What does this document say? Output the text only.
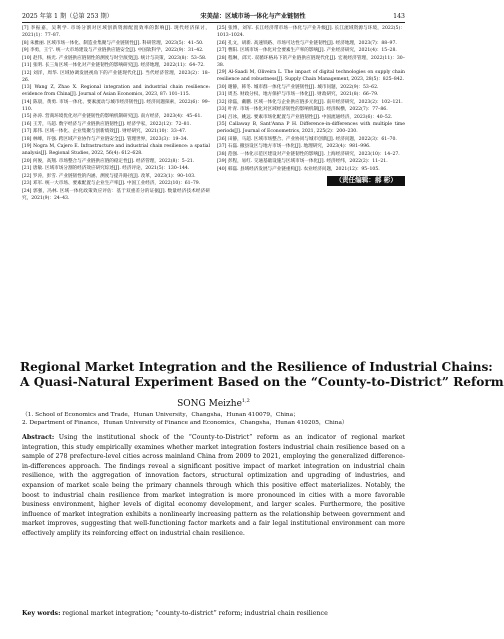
2025 年第 1 期（总第 253 期）	宋美喆：区域市场一体化与产业链韧性	143

[7] 李振嘉，吴利学. 市场分割对区域创新资源配置效率的影响[J]. 现代经济探讨，2021(1)：77–87.

[8] 朱雅丽. 区域市场一体化、制造业集聚与产业链韧性[J]. 科研管理，2023(5)：41–50.

[9] 李勇，王宁. 统一大市场建设与产业链供应链安全[J]. 中国软科学，2022(9)：31–42.

[10] 赵伟，杨光. 产业链供应链韧性的测度与时空演变[J]. 统计与决策，2023(8)：53–58.

[11] 张明. 长三角区域一体化对产业链韧性的影响研究[J]. 经济地理，2022(11)：64–72.

[12] 刘洋，周华. 区域协调发展视角下的产业链现代化[J]. 当代经济管理，2023(2)：18–26.

[13] Wang Z, Zhao X. Regional integration and industrial chain resilience: evidence from China[J]. Journal of Asian Economics, 2023, 87: 101–115.

[14] 陈晨，黄勇. 市场一体化、要素流动与城市经济韧性[J]. 经济问题探索，2022(6)：99–110.

[15] 孙涛. 营商环境优化对产业链韧性的影响机制研究[J]. 南方经济，2023(4)：45–61.

[16] 王芳，马超. 数字经济与产业链供应链韧性[J]. 经济学家，2022(12)：72–81.

[17] 郑伟. 区域一体化、企业集聚与创新绩效[J]. 财经研究，2021(10)：33–47.

[18] 林峰，许强. 跨区域产业协作与产业链安全[J]. 管理世界，2023(3)：19–34.

[19] Nogra M, Cajero E. Infrastructure and industrial chain resilience: a spatial analysis[J]. Regional Studies, 2022, 56(4): 612–628.

[20] 何俊，高翔. 市场整合与产业链供应链的稳定性[J]. 经济管理，2022(8)：5–21.

[21] 唐敏. 区域市场分割的经济效应研究综述[J]. 经济评论，2021(5)：130–144.

[22] 罗涛，彭雪. 产业链韧性的内涵、测度与提升路径[J]. 改革，2023(1)：90–103.

[23] 邓军. 统一大市场、要素配置与企业生产率[J]. 中国工业经济，2022(10)：61–79.

[24] 郭强，冯林. 区域一体化政策效应评估：基于双重差分的证据[J]. 数量经济技术经济研究，2021(9)：24–43.

[25] 张博，刘军. 长江经济带市场一体化与产业升级[J]. 长江流域资源与环境，2022(5)：1013–1024.

[26] 孔文，胡新. 高速铁路、市场可达性与产业链韧性[J]. 经济地理，2023(7)：88–97.

[27] 曹阳. 区域市场一体化对全要素生产率的影响[J]. 产业经济研究，2021(4)：15–28.

[28] 程琳，邱天. 双循环格局下的产业链供应链现代化[J]. 宏观经济管理，2022(11)：30–38.

[29] Al-Saadi M, Oliveira L. The impact of digital technologies on supply chain resilience and robustness[J]. Supply Chain Management, 2023, 28(5)：825–842.

[30] 谢静，韩冬. 城市群一体化与产业链韧性[J]. 城市问题，2022(9)：53–62.

[31] 周杰. 财政分权、地方保护与市场一体化[J]. 财政研究，2021(8)：66–79.

[32] 徐磊，戴鹏. 区域一体化与企业供应链多元化[J]. 南开经济研究，2023(2)：102–121.

[33] 叶青. 市场一体化对区域经济韧性的影响机制[J]. 经济纵横，2022(7)：77–86.

[34] 吕冰，姚远. 要素市场化配置与产业链韧性[J]. 中国流通经济，2023(6)：40–52.

[35] Callaway B, Sant'Anna P H. Difference-in-differences with multiple time periods[J]. Journal of Econometrics, 2021, 225(2)：200–230.

[36] 田静，马超. 区域市场整合、产业协同与城市创新[J]. 经济问题，2022(3)：61–70.

[37] 石磊. 撤县设区与地方市场一体化[J]. 地理研究，2023(4)：981–996.

[38] 范强. 一体化示范区建设对产业链韧性的影响[J]. 上海经济研究，2023(10)：14–27.

[39] 彭程，易红. 交通基础设施与区域市场一体化[J]. 经济经纬，2022(2)：11–21.

[40] 韩磊. 县域经济发展与产业链重构[J]. 农业经济问题，2021(12)：95–105.

（责任编辑：郝 彬）
Regional Market Integration and the Resilience of Industrial Chains:
A Quasi-Natural Experiment Based on the “County-to-District” Reform
SONG Meizhe$^{1,2}$
（1. School of Economics and Trade，Hunan University，Changsha，Hunan 410079，China；
2. Department of Finance，Hunan University of Finance and Economics，Changsha，Hunan 410205，China）
Abstract: Using the institutional shock of the “County-to-District” reform as an indicator of regional market integration, this study empirically examines whether market integration fosters industrial chain resilience based on a sample of 278 prefecture-level cities across mainland China from 2009 to 2021, employing the generalized difference-in-differences approach. The findings reveal a significant positive impact of market integration on industrial chain resilience, with the aggregation of innovation factors, structural optimization and upgrading of industries, and expansion of market scale being the primary channels through which this positive effect materializes. Notably, the boost to industrial chain resilience from market integration is more pronounced in cities with a more favorable business environment, higher levels of digital economy development, and larger scales. Furthermore, the positive influence of market integration exhibits a nonlinearly increasing pattern as the relationship between government and market improves, suggesting that well-functioning factor markets and a fair legal institutional environment can more effectively amplify its reinforcing effect on industrial chain resilience.
Key words: regional market integration; “county-to-district” reform; industrial chain resilience
